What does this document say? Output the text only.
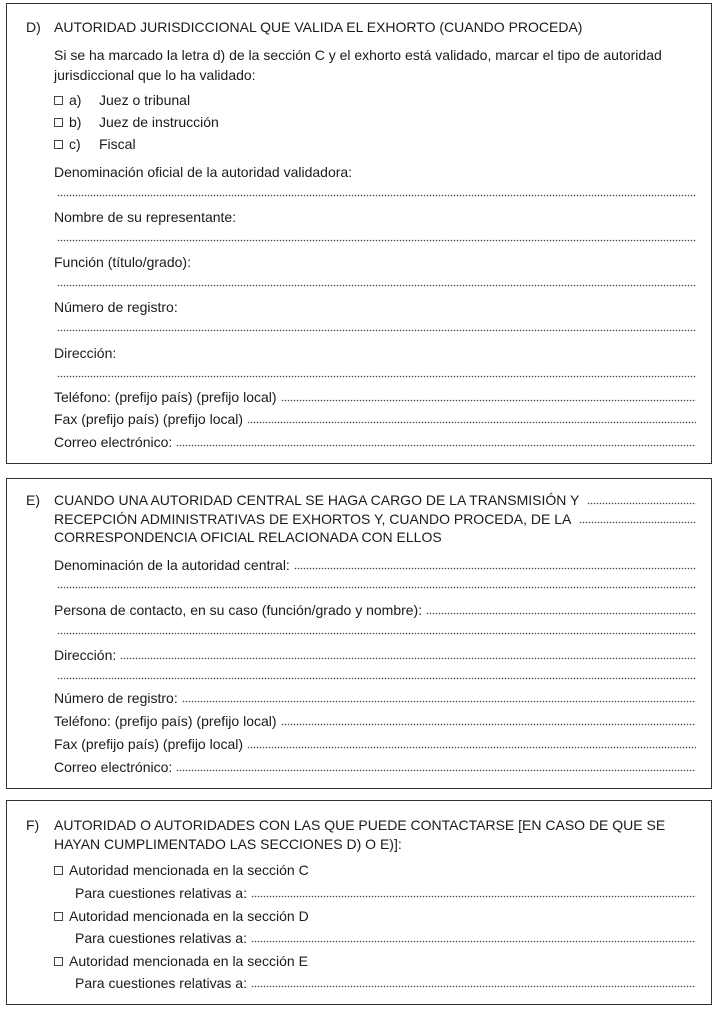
D) AUTORIDAD JURISDICCIONAL QUE VALIDA EL EXHORTO (CUANDO PROCEDA)
Si se ha marcado la letra d) de la sección C y el exhorto está validado, marcar el tipo de autoridad
jurisdiccional que lo ha validado:
a) Juez o tribunal
b) Juez de instrucción
c) Fiscal
Denominación oficial de la autoridad validadora:
Nombre de su representante:
Función (título/grado):
Número de registro:
Dirección:
Teléfono: (prefijo país) (prefijo local)
Fax (prefijo país) (prefijo local)
Correo electrónico:
E) CUANDO UNA AUTORIDAD CENTRAL SE HAGA CARGO DE LA TRANSMISIÓN Y
RECEPCIÓN ADMINISTRATIVAS DE EXHORTOS Y, CUANDO PROCEDA, DE LA
CORRESPONDENCIA OFICIAL RELACIONADA CON ELLOS
Denominación de la autoridad central:
Persona de contacto, en su caso (función/grado y nombre):
Dirección:
Número de registro:
Teléfono: (prefijo país) (prefijo local)
Fax (prefijo país) (prefijo local)
Correo electrónico:
F) AUTORIDAD O AUTORIDADES CON LAS QUE PUEDE CONTACTARSE [EN CASO DE QUE SE
HAYAN CUMPLIMENTADO LAS SECCIONES D) O E)]:
Autoridad mencionada en la sección C
Para cuestiones relativas a:
Autoridad mencionada en la sección D
Para cuestiones relativas a:
Autoridad mencionada en la sección E
Para cuestiones relativas a:
